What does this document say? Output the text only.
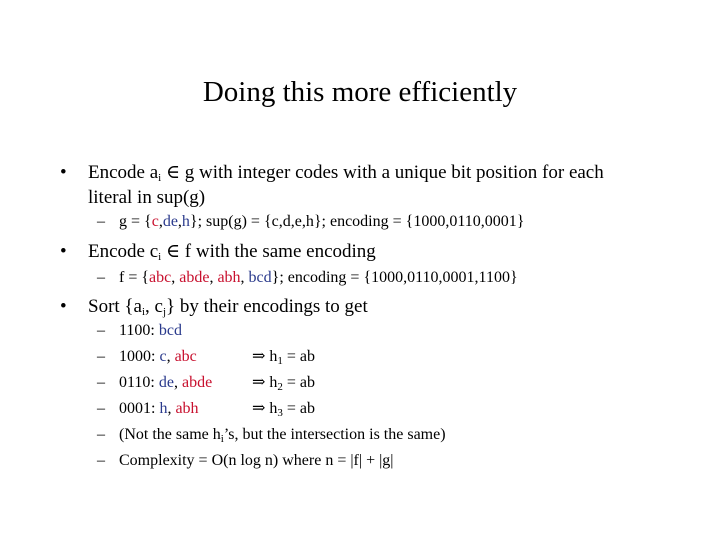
Doing this more efficiently
• Encode $a_i$ ∈ g with integer codes with a unique bit position for each
literal in sup(g)
– g = {c,de,h}; sup(g) = {c,d,e,h}; encoding = {1000,0110,0001}
• Encode $c_i$ ∈ f with the same encoding
– f = {abc, abde, abh, bcd}; encoding = {1000,0110,0001,1100}
• Sort {$a_i$, $c_j$} by their encodings to get
– 1100: bcd
– 1000: c, abc	⇒ $h_1$ = ab
– 0110: de, abde ⇒ $h_2$ = ab
– 0001: h, abh	⇒ $h_3$ = ab
– (Not the same $h_i’s$, but the intersection is the same)
– Complexity = O(n log n) where n = |f| + |g|
